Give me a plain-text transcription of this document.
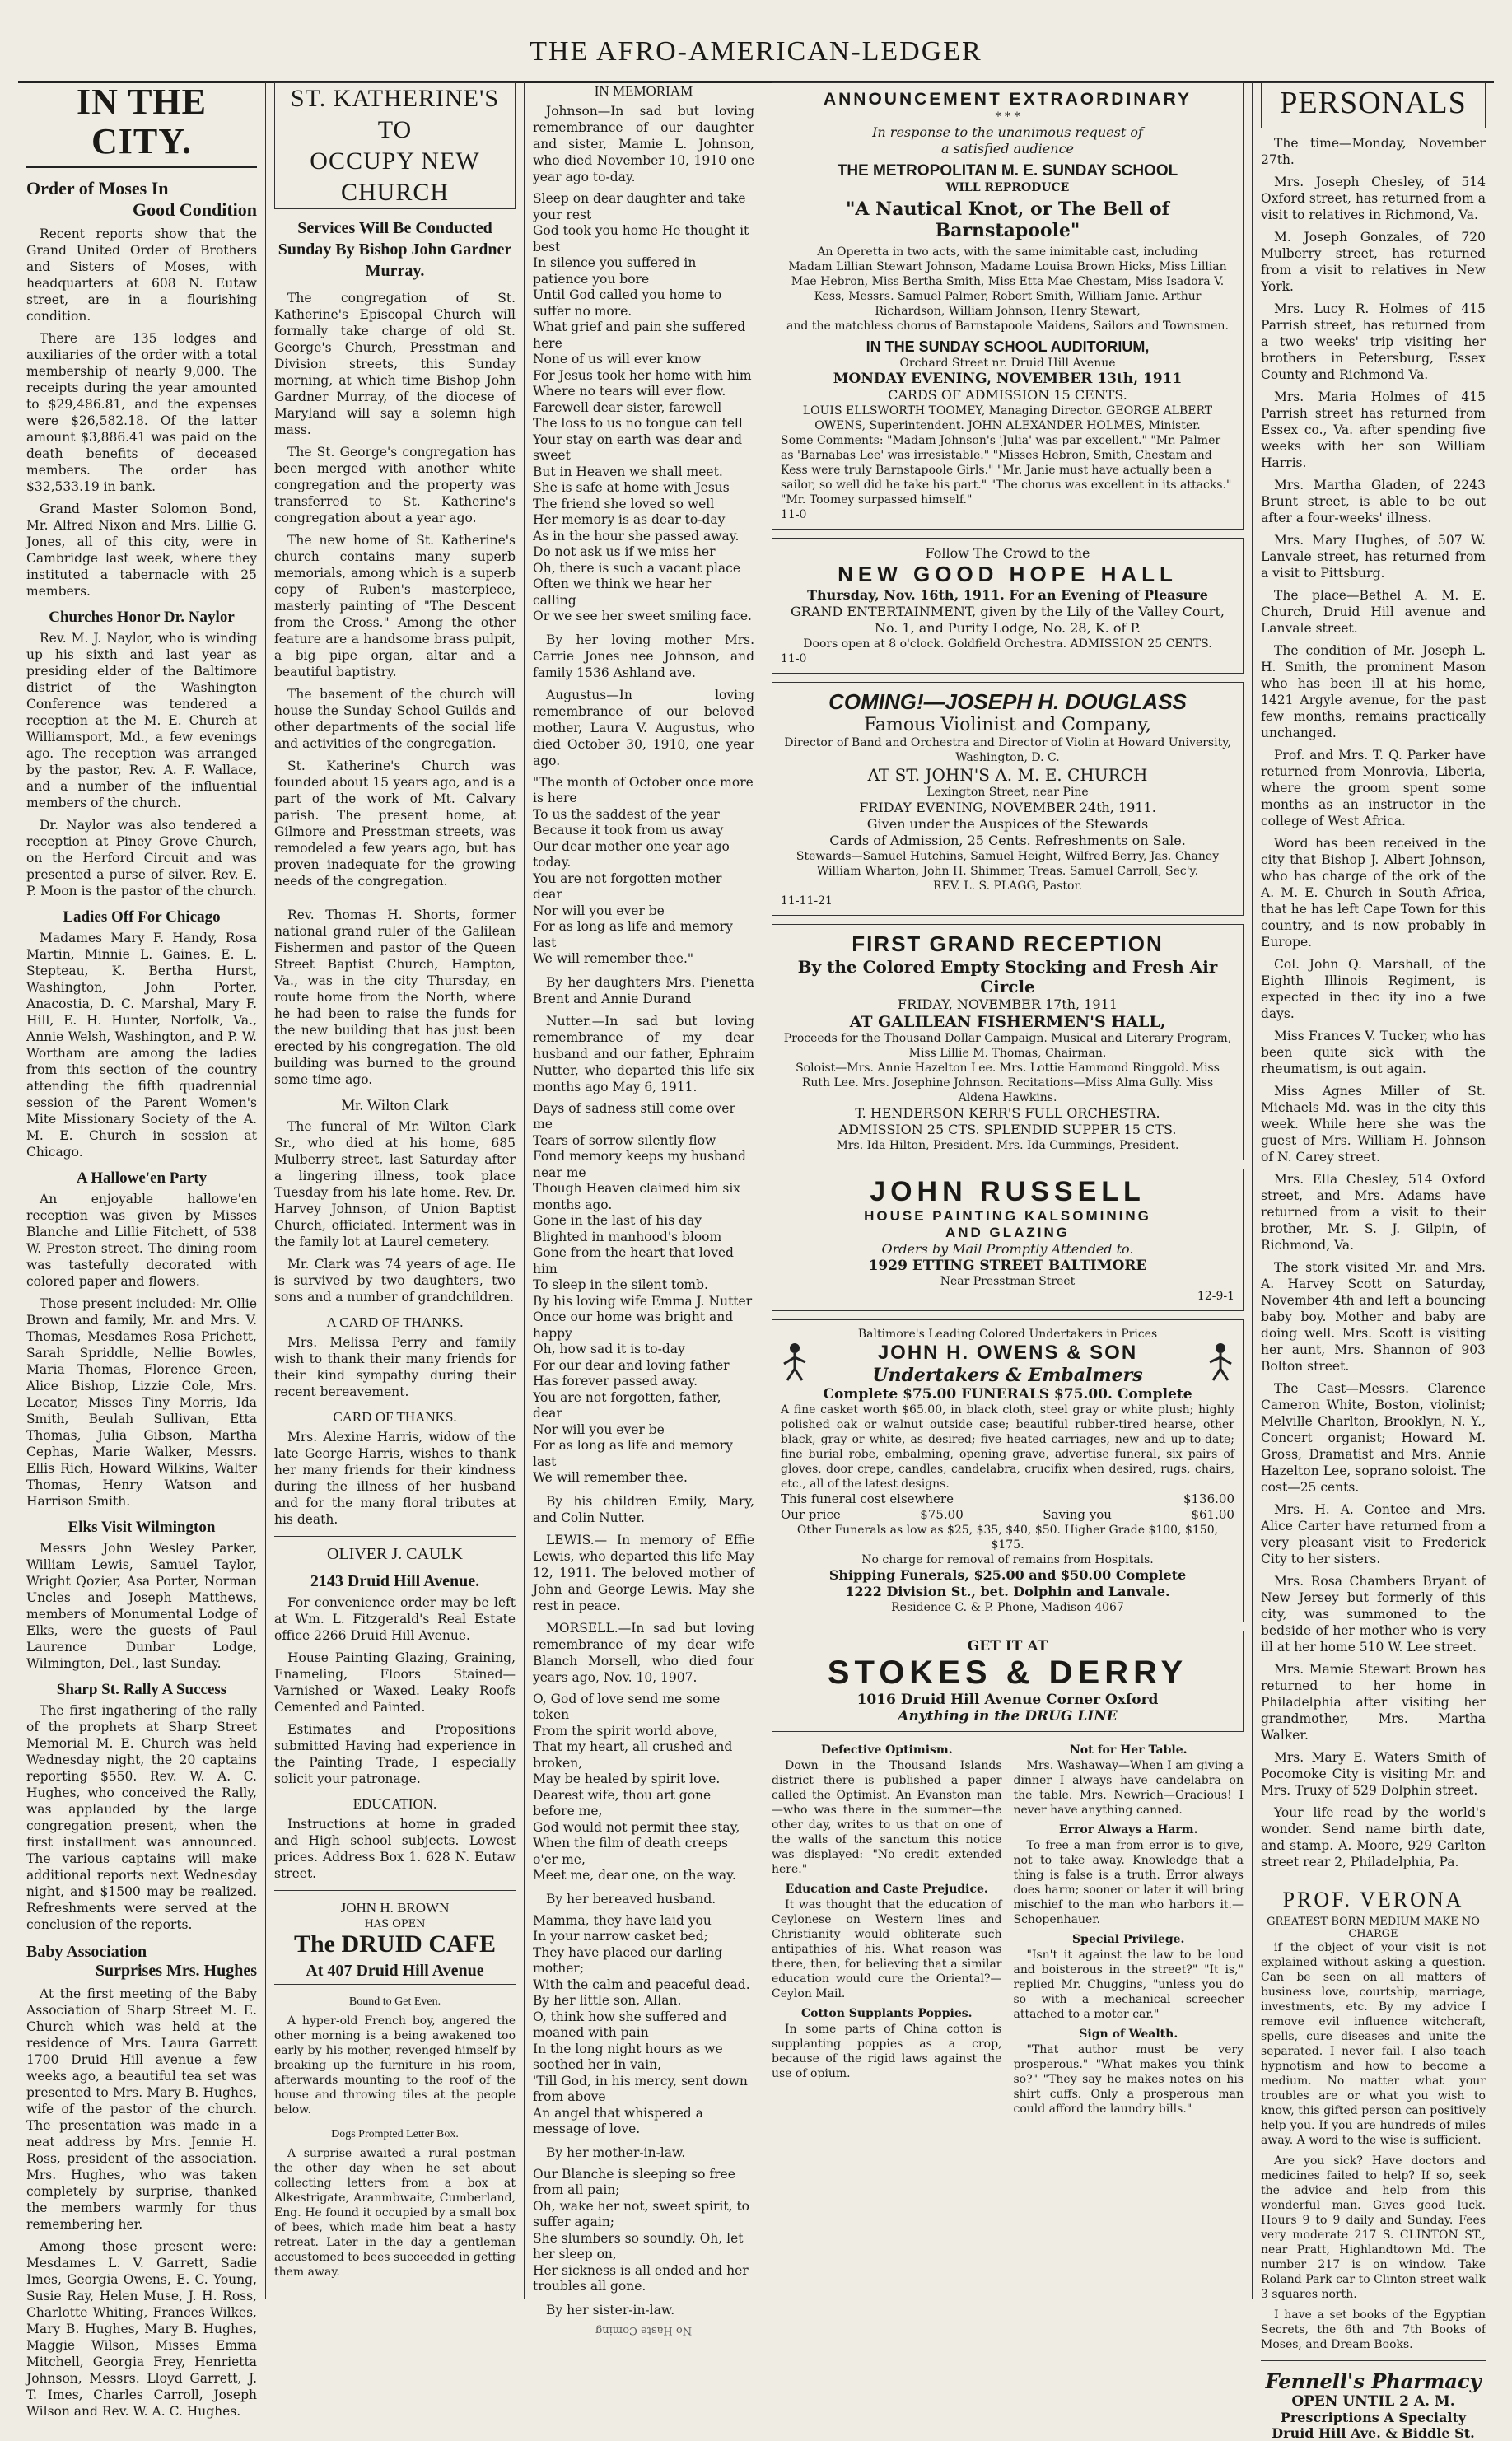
THE AFRO-AMERICAN-LEDGER
IN THE CITY.
Order of Moses In
Good Condition

Recent reports show that the Grand United Order of Brothers and Sisters of Moses, with headquarters at 608 N. Eutaw street, are in a flourishing condition.

There are 135 lodges and auxiliaries of the order with a total membership of nearly 9,000. The receipts during the year amounted to $29,486.81, and the expenses were $26,582.18. Of the latter amount $3,886.41 was paid on the death benefits of deceased members. The order has $32,533.19 in bank.

Grand Master Solomon Bond, Mr. Alfred Nixon and Mrs. Lillie G. Jones, all of this city, were in Cambridge last week, where they instituted a tabernacle with 25 members.

Churches Honor Dr. Naylor

Rev. M. J. Naylor, who is winding up his sixth and last year as presiding elder of the Baltimore district of the Washington Conference was tendered a reception at the M. E. Church at Williamsport, Md., a few evenings ago. The reception was arranged by the pastor, Rev. A. F. Wallace, and a number of the influential members of the church.

Dr. Naylor was also tendered a reception at Piney Grove Church, on the Herford Circuit and was presented a purse of silver. Rev. E. P. Moon is the pastor of the church.

Ladies Off For Chicago

Madames Mary F. Handy, Rosa Martin, Minnie L. Gaines, E. L. Stepteau, K. Bertha Hurst, Washington, John Porter, Anacostia, D. C. Marshal, Mary F. Hill, E. H. Hunter, Norfolk, Va., Annie Welsh, Washington, and P. W. Wortham are among the ladies from this section of the country attending the fifth quadrennial session of the Parent Women's Mite Missionary Society of the A. M. E. Church in session at Chicago.

A Hallowe'en Party

An enjoyable hallowe'en reception was given by Misses Blanche and Lillie Fitchett, of 538 W. Preston street. The dining room was tastefully decorated with colored paper and flowers.

Those present included: Mr. Ollie Brown and family, Mr. and Mrs. V. Thomas, Mesdames Rosa Prichett, Sarah Spriddle, Nellie Bowles, Maria Thomas, Florence Green, Alice Bishop, Lizzie Cole, Mrs. Lecator, Misses Tiny Morris, Ida Smith, Beulah Sullivan, Etta Thomas, Julia Gibson, Martha Cephas, Marie Walker, Messrs. Ellis Rich, Howard Wilkins, Walter Thomas, Henry Watson and Harrison Smith.

Elks Visit Wilmington

Messrs John Wesley Parker, William Lewis, Samuel Taylor, Wright Qozier, Asa Porter, Norman Uncles and Joseph Matthews, members of Monumental Lodge of Elks, were the guests of Paul Laurence Dunbar Lodge, Wilmington, Del., last Sunday.

Sharp St. Rally A Success

The first ingathering of the rally of the prophets at Sharp Street Memorial M. E. Church was held Wednesday night, the 20 captains reporting $550. Rev. W. A. C. Hughes, who conceived the Rally, was applauded by the large congregation present, when the first installment was announced. The various captains will make additional reports next Wednesday night, and $1500 may be realized. Refreshments were served at the conclusion of the reports.

Baby Association
Surprises Mrs. Hughes

At the first meeting of the Baby Association of Sharp Street M. E. Church which was held at the residence of Mrs. Laura Garrett 1700 Druid Hill avenue a few weeks ago, a beautiful tea set was presented to Mrs. Mary B. Hughes, wife of the pastor of the church. The presentation was made in a neat address by Mrs. Jennie H. Ross, president of the association. Mrs. Hughes, who was taken completely by surprise, thanked the members warmly for thus remembering her.

Among those present were: Mesdames L. V. Garrett, Sadie Imes, Georgia Owens, E. C. Young, Susie Ray, Helen Muse, J. H. Ross, Charlotte Whiting, Frances Wilkes, Mary B. Hughes, Mary B. Hughes, Maggie Wilson, Misses Emma Mitchell, Georgia Frey, Henrietta Johnson, Messrs. Lloyd Garrett, J. T. Imes, Charles Carroll, Joseph Wilson and Rev. W. A. C. Hughes.

ST. KATHERINE'S TO
OCCUPY NEW CHURCH
Services Will Be Conducted Sunday By Bishop John Gardner Murray.

The congregation of St. Katherine's Episcopal Church will formally take charge of old St. George's Church, Presstman and Division streets, this Sunday morning, at which time Bishop John Gardner Murray, of the diocese of Maryland will say a solemn high mass.

The St. George's congregation has been merged with another white congregation and the property was transferred to St. Katherine's congregation about a year ago.

The new home of St. Katherine's church contains many superb memorials, among which is a superb copy of Ruben's masterpiece, masterly painting of "The Descent from the Cross." Among the other feature are a handsome brass pulpit, a big pipe organ, altar and a beautiful baptistry.

The basement of the church will house the Sunday School Guilds and other departments of the social life and activities of the congregation.

St. Katherine's Church was founded about 15 years ago, and is a part of the work of Mt. Calvary parish. The present home, at Gilmore and Presstman streets, was remodeled a few years ago, but has proven inadequate for the growing needs of the congregation.

Rev. Thomas H. Shorts, former national grand ruler of the Galilean Fishermen and pastor of the Queen Street Baptist Church, Hampton, Va., was in the city Thursday, en route home from the North, where he had been to raise the funds for the new building that has just been erected by his congregation. The old building was burned to the ground some time ago.

Mr. Wilton Clark

The funeral of Mr. Wilton Clark Sr., who died at his home, 685 Mulberry street, last Saturday after a lingering illness, took place Tuesday from his late home. Rev. Dr. Harvey Johnson, of Union Baptist Church, officiated. Interment was in the family lot at Laurel cemetery.

Mr. Clark was 74 years of age. He is survived by two daughters, two sons and a number of grandchildren.

A CARD OF THANKS.

Mrs. Melissa Perry and family wish to thank their many friends for their kind sympathy during their recent bereavement.

CARD OF THANKS.

Mrs. Alexine Harris, widow of the late George Harris, wishes to thank her many friends for their kindness during the illness of her husband and for the many floral tributes at his death.

OLIVER J. CAULK
2143 Druid Hill Avenue.

For convenience order may be left at Wm. L. Fitzgerald's Real Estate office 2266 Druid Hill Avenue.

House Painting Glazing, Graining, Enameling, Floors Stained—Varnished or Waxed. Leaky Roofs Cemented and Painted.

Estimates and Propositions submitted Having had experience in the Painting Trade, I especially solicit your patronage.

EDUCATION.

Instructions at home in graded and High school subjects. Lowest prices. Address Box 1. 628 N. Eutaw street.

JOHN H. BROWN
HAS OPEN
The DRUID CAFE
At 407 Druid Hill Avenue
Bound to Get Even.

A hyper-old French boy, angered the other morning is a being awakened too early by his mother, revenged himself by breaking up the furniture in his room, afterwards mounting to the roof of the house and throwing tiles at the people below.

Dogs Prompted Letter Box.

A surprise awaited a rural postman the other day when he set about collecting letters from a box at Alkestrigate, Aranmbwaite, Cumberland, Eng. He found it occupied by a small box of bees, which made him beat a hasty retreat. Later in the day a gentleman accustomed to bees succeeded in getting them away.

IN MEMORIAM

Johnson—In sad but loving remembrance of our daughter and sister, Mamie L. Johnson, who died November 10, 1910 one year ago to-day.

Sleep on dear daughter and take your rest
God took you home He thought it best
In silence you suffered in patience you bore
Until God called you home to suffer no more.
What grief and pain she suffered here
None of us will ever know
For Jesus took her home with him
Where no tears will ever flow.
Farewell dear sister, farewell
The loss to us no tongue can tell
Your stay on earth was dear and sweet
But in Heaven we shall meet.
She is safe at home with Jesus
The friend she loved so well
Her memory is as dear to-day
As in the hour she passed away.
Do not ask us if we miss her
Oh, there is such a vacant place
Often we think we hear her calling
Or we see her sweet smiling face.

By her loving mother Mrs. Carrie Jones nee Johnson, and family 1536 Ashland ave.

Augustus—In loving remembrance of our beloved mother, Laura V. Augustus, who died October 30, 1910, one year ago.

"The month of October once more is here
To us the saddest of the year
Because it took from us away
Our dear mother one year ago today.
You are not forgotten mother dear
Nor will you ever be
For as long as life and memory last
We will remember thee."

By her daughters Mrs. Pienetta Brent and Annie Durand

Nutter.—In sad but loving remembrance of my dear husband and our father, Ephraim Nutter, who departed this life six months ago May 6, 1911.

Days of sadness still come over me
Tears of sorrow silently flow
Fond memory keeps my husband near me
Though Heaven claimed him six months ago.
Gone in the last of his day
Blighted in manhood's bloom
Gone from the heart that loved him
To sleep in the silent tomb.
By his loving wife Emma J. Nutter
Once our home was bright and happy
Oh, how sad it is to-day
For our dear and loving father
Has forever passed away.
You are not forgotten, father, dear
Nor will you ever be
For as long as life and memory last
We will remember thee.

By his children Emily, Mary, and Colin Nutter.

LEWIS.— In memory of Effie Lewis, who departed this life May 12, 1911. The beloved mother of John and George Lewis. May she rest in peace.

MORSELL.—In sad but loving remembrance of my dear wife Blanch Morsell, who died four years ago, Nov. 10, 1907.

O, God of love send me some token
From the spirit world above,
That my heart, all crushed and broken,
May be healed by spirit love.
Dearest wife, thou art gone before me,
God would not permit thee stay,
When the film of death creeps o'er me,
Meet me, dear one, on the way.

By her bereaved husband.

Mamma, they have laid you
In your narrow casket bed;
They have placed our darling mother;
With the calm and peaceful dead.
By her little son, Allan.
O, think how she suffered and moaned with pain
In the long night hours as we soothed her in vain,
'Till God, in his mercy, sent down from above
An angel that whispered a message of love.

By her mother-in-law.

Our Blanche is sleeping so free from all pain;
Oh, wake her not, sweet spirit, to suffer again;
She slumbers so soundly. Oh, let her sleep on,
Her sickness is all ended and her troubles all gone.

By her sister-in-law.

No Haste Coming
ANNOUNCEMENT EXTRAORDINARY
* * *
In response to the unanimous request of
a satisfied audience
THE METROPOLITAN M. E. SUNDAY SCHOOL
WILL REPRODUCE
"A Nautical Knot, or The Bell of Barnstapoole"
An Operetta in two acts, with the same inimitable cast, including
Madam Lillian Stewart Johnson, Madame Louisa Brown Hicks, Miss Lillian Mae Hebron, Miss Bertha Smith, Miss Etta Mae Chestam, Miss Isadora V. Kess, Messrs. Samuel Palmer, Robert Smith, William Janie. Arthur Richardson, William Johnson, Henry Stewart,
and the matchless chorus of Barnstapoole Maidens, Sailors and Townsmen.
IN THE SUNDAY SCHOOL AUDITORIUM,
Orchard Street nr. Druid Hill Avenue
MONDAY EVENING, NOVEMBER 13th, 1911
CARDS OF ADMISSION 15 CENTS.
LOUIS ELLSWORTH TOOMEY, Managing Director. GEORGE ALBERT OWENS, Superintendent. JOHN ALEXANDER HOLMES, Minister.
Some Comments: "Madam Johnson's 'Julia' was par excellent." "Mr. Palmer as 'Barnabas Lee' was irresistable." "Misses Hebron, Smith, Chestam and Kess were truly Barnstapoole Girls." "Mr. Janie must have actually been a sailor, so well did he take his part." "The chorus was excellent in its attacks." "Mr. Toomey surpassed himself."
11-0
Follow The Crowd to the
NEW GOOD HOPE HALL
Thursday, Nov. 16th, 1911. For an Evening of Pleasure
GRAND ENTERTAINMENT, given by the Lily of the Valley Court, No. 1, and Purity Lodge, No. 28, K. of P.
Doors open at 8 o'clock. Goldfield Orchestra. ADMISSION 25 CENTS.
11-0
COMING!—JOSEPH H. DOUGLASS
Famous Violinist and Company,
Director of Band and Orchestra and Director of Violin at Howard University, Washington, D. C.
AT ST. JOHN'S A. M. E. CHURCH
Lexington Street, near Pine
FRIDAY EVENING, NOVEMBER 24th, 1911.
Given under the Auspices of the Stewards
Cards of Admission, 25 Cents. Refreshments on Sale.
Stewards—Samuel Hutchins, Samuel Height, Wilfred Berry, Jas. Chaney William Wharton, John H. Shimmer, Treas. Samuel Carroll, Sec'y.
REV. L. S. PLAGG, Pastor.
11-11-21
FIRST GRAND RECEPTION
By the Colored Empty Stocking and Fresh Air Circle
FRIDAY, NOVEMBER 17th, 1911
AT GALILEAN FISHERMEN'S HALL,
Proceeds for the Thousand Dollar Campaign. Musical and Literary Program, Miss Lillie M. Thomas, Chairman.
Soloist—Mrs. Annie Hazelton Lee. Mrs. Lottie Hammond Ringgold. Miss Ruth Lee. Mrs. Josephine Johnson. Recitations—Miss Alma Gully. Miss Aldena Hawkins.
T. HENDERSON KERR'S FULL ORCHESTRA.
ADMISSION 25 CTS. SPLENDID SUPPER 15 CTS.
Mrs. Ida Hilton, President. Mrs. Ida Cummings, President.
JOHN RUSSELL
HOUSE PAINTING KALSOMINING
AND GLAZING
Orders by Mail Promptly Attended to.
1929 ETTING STREET BALTIMORE
Near Presstman Street
12-9-1
Baltimore's Leading Colored Undertakers in Prices
JOHN H. OWENS & SON
Undertakers & Embalmers
Complete $75.00 FUNERALS $75.00. Complete
A fine casket worth $65.00, in black cloth, steel gray or white plush; highly polished oak or walnut outside case; beautiful rubber-tired hearse, other black, gray or white, as desired; five heated carriages, new and up-to-date; fine burial robe, embalming, opening grave, advertise funeral, six pairs of gloves, door crepe, candles, candelabra, crucifix when desired, rugs, chairs, etc., all of the latest designs.
This funeral cost elsewhere	$136.00
Our price	$75.00	Saving you	$61.00
Other Funerals as low as $25, $35, $40, $50. Higher Grade $100, $150, $175.
No charge for removal of remains from Hospitals.
Shipping Funerals, $25.00 and $50.00 Complete
1222 Division St., bet. Dolphin and Lanvale.
Residence C. & P. Phone, Madison 4067
GET IT AT
STOKES & DERRY
1016 Druid Hill Avenue Corner Oxford
Anything in the DRUG LINE
Defective Optimism.

Down in the Thousand Islands district there is published a paper called the Optimist. An Evanston man—who was there in the summer—the other day, writes to us that on one of the walls of the sanctum this notice was displayed: "No credit extended here."

Education and Caste Prejudice.

It was thought that the education of Ceylonese on Western lines and Christianity would obliterate such antipathies of his. What reason was there, then, for believing that a similar education would cure the Oriental?—Ceylon Mail.

Cotton Supplants Poppies.

In some parts of China cotton is supplanting poppies as a crop, because of the rigid laws against the use of opium.

Not for Her Table.

Mrs. Washaway—When I am giving a dinner I always have candelabra on the table. Mrs. Newrich—Gracious! I never have anything canned.

Error Always a Harm.

To free a man from error is to give, not to take away. Knowledge that a thing is false is a truth. Error always does harm; sooner or later it will bring mischief to the man who harbors it.—Schopenhauer.

Special Privilege.

"Isn't it against the law to be loud and boisterous in the street?" "It is," replied Mr. Chuggins, "unless you do so with a mechanical screecher attached to a motor car."

Sign of Wealth.

"That author must be very prosperous." "What makes you think so?" "They say he makes notes on his shirt cuffs. Only a prosperous man could afford the laundry bills."

PERSONALS

The time—Monday, November 27th.

Mrs. Joseph Chesley, of 514 Oxford street, has returned from a visit to relatives in Richmond, Va.

M. Joseph Gonzales, of 720 Mulberry street, has returned from a visit to relatives in New York.

Mrs. Lucy R. Holmes of 415 Parrish street, has returned from a two weeks' trip visiting her brothers in Petersburg, Essex County and Richmond Va.

Mrs. Maria Holmes of 415 Parrish street has returned from Essex co., Va. after spending five weeks with her son William Harris.

Mrs. Martha Gladen, of 2243 Brunt street, is able to be out after a four-weeks' illness.

Mrs. Mary Hughes, of 507 W. Lanvale street, has returned from a visit to Pittsburg.

The place—Bethel A. M. E. Church, Druid Hill avenue and Lanvale street.

The condition of Mr. Joseph L. H. Smith, the prominent Mason who has been ill at his home, 1421 Argyle avenue, for the past few months, remains practically unchanged.

Prof. and Mrs. T. Q. Parker have returned from Monrovia, Liberia, where the groom spent some months as an instructor in the college of West Africa.

Word has been received in the city that Bishop J. Albert Johnson, who has charge of the ork of the A. M. E. Church in South Africa, that he has left Cape Town for this country, and is now probably in Europe.

Col. John Q. Marshall, of the Eighth Illinois Regiment, is expected in thec ity ino a fwe days.

Miss Frances V. Tucker, who has been quite sick with the rheumatism, is out again.

Miss Agnes Miller of St. Michaels Md. was in the city this week. While here she was the guest of Mrs. William H. Johnson of N. Carey street.

Mrs. Ella Chesley, 514 Oxford street, and Mrs. Adams have returned from a visit to their brother, Mr. S. J. Gilpin, of Richmond, Va.

The stork visited Mr. and Mrs. A. Harvey Scott on Saturday, November 4th and left a bouncing baby boy. Mother and baby are doing well. Mrs. Scott is visiting her aunt, Mrs. Shannon of 903 Bolton street.

The Cast—Messrs. Clarence Cameron White, Boston, violinist; Melville Charlton, Brooklyn, N. Y., Concert organist; Howard M. Gross, Dramatist and Mrs. Annie Hazelton Lee, soprano soloist. The cost—25 cents.

Mrs. H. A. Contee and Mrs. Alice Carter have returned from a very pleasant visit to Frederick City to her sisters.

Mrs. Rosa Chambers Bryant of New Jersey but formerly of this city, was summoned to the bedside of her mother who is very ill at her home 510 W. Lee street.

Mrs. Mamie Stewart Brown has returned to her home in Philadelphia after visiting her grandmother, Mrs. Martha Walker.

Mrs. Mary E. Waters Smith of Pocomoke City is visiting Mr. and Mrs. Truxy of 529 Dolphin street.

Your life read by the world's wonder. Send name birth date, and stamp. A. Moore, 929 Carlton street rear 2, Philadelphia, Pa.

PROF. VERONA
GREATEST BORN MEDIUM MAKE NO CHARGE

if the object of your visit is not explained without asking a question. Can be seen on all matters of business love, courtship, marriage, investments, etc. By my advice I remove evil influence witchcraft, spells, cure diseases and unite the separated. I never fail. I also teach hypnotism and how to become a medium. No matter what your troubles are or what you wish to know, this gifted person can positively help you. If you are hundreds of miles away. A word to the wise is sufficient.

Are you sick? Have doctors and medicines failed to help? If so, seek the advice and help from this wonderful man. Gives good luck. Hours 9 to 9 daily and Sunday. Fees very moderate 217 S. CLINTON ST., near Pratt, Highlandtown Md. The number 217 is on window. Take Roland Park car to Clinton street walk 3 squares north.

I have a set books of the Egyptian Secrets, the 6th and 7th Books of Moses, and Dream Books.

Fennell's Pharmacy
OPEN UNTIL 2 A. M.
Prescriptions A Specialty
Druid Hill Ave. & Biddle St.
